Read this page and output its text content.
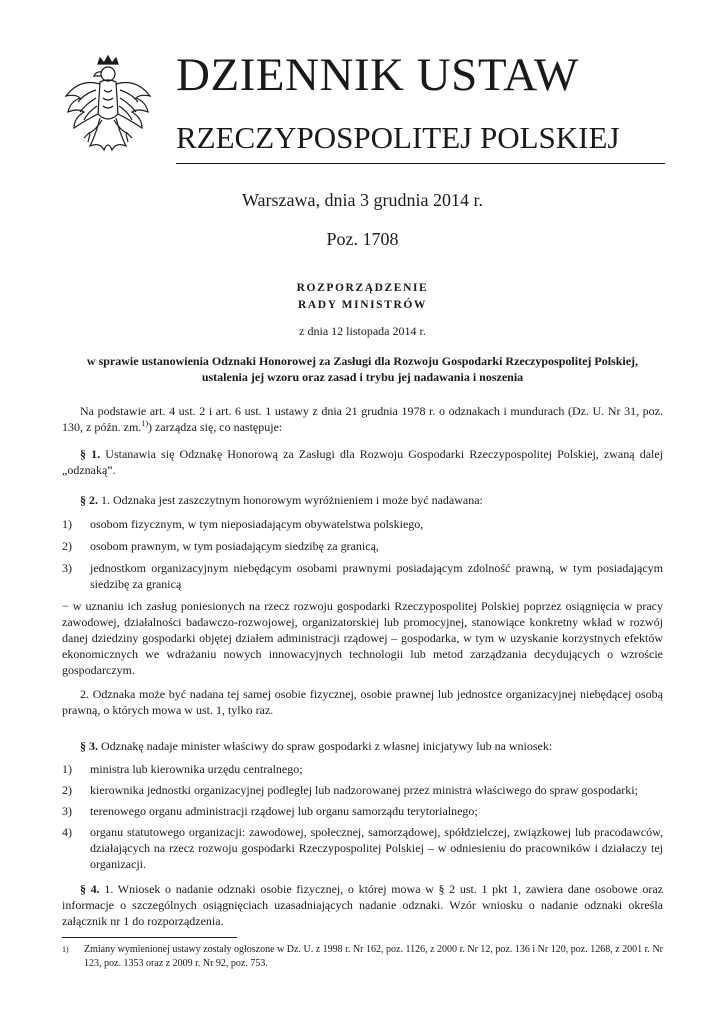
DZIENNIK USTAW
RZECZYPOSPOLITEJ POLSKIEJ
Warszawa, dnia 3 grudnia 2014 r.
Poz. 1708
ROZPORZĄDZENIE
RADY MINISTRÓW
z dnia 12 listopada 2014 r.
w sprawie ustanowienia Odznaki Honorowej za Zasługi dla Rozwoju Gospodarki Rzeczypospolitej Polskiej, ustalenia jej wzoru oraz zasad i trybu jej nadawania i noszenia

Na podstawie art. 4 ust. 2 i art. 6 ust. 1 ustawy z dnia 21 grudnia 1978 r. o odznakach i mundurach (Dz. U. Nr 31, poz. 130, z późn. zm.$^{1)}$) zarządza się, co następuje:

§ 1. Ustanawia się Odznakę Honorową za Zasługi dla Rozwoju Gospodarki Rzeczypospolitej Polskiej, zwaną dalej „odznaką”.

§ 2. 1. Odznaka jest zaszczytnym honorowym wyróżnieniem i może być nadawana:

1) osobom fizycznym, w tym nieposiadającym obywatelstwa polskiego,
2) osobom prawnym, w tym posiadającym siedzibę za granicą,
3) jednostkom organizacyjnym niebędącym osobami prawnymi posiadającym zdolność prawną, w tym posiadającym siedzibę za granicą

− w uznaniu ich zasług poniesionych na rzecz rozwoju gospodarki Rzeczypospolitej Polskiej poprzez osiągnięcia w pracy zawodowej, działalności badawczo-rozwojowej, organizatorskiej lub promocyjnej, stanowiące konkretny wkład w rozwój danej dziedziny gospodarki objętej działem administracji rządowej – gospodarka, w tym w uzyskanie korzystnych efektów ekonomicznych we wdrażaniu nowych innowacyjnych technologii lub metod zarządzania decydujących o wzroście gospodarczym.

2. Odznaka może być nadana tej samej osobie fizycznej, osobie prawnej lub jednostce organizacyjnej niebędącej osobą prawną, o których mowa w ust. 1, tylko raz.

§ 3. Odznakę nadaje minister właściwy do spraw gospodarki z własnej inicjatywy lub na wniosek:

1) ministra lub kierownika urzędu centralnego;
2) kierownika jednostki organizacyjnej podległej lub nadzorowanej przez ministra właściwego do spraw gospodarki;
3) terenowego organu administracji rządowej lub organu samorządu terytorialnego;
4) organu statutowego organizacji: zawodowej, społecznej, samorządowej, spółdzielczej, związkowej lub pracodawców, działających na rzecz rozwoju gospodarki Rzeczypospolitej Polskiej – w odniesieniu do pracowników i działaczy tej organizacji.

§ 4. 1. Wniosek o nadanie odznaki osobie fizycznej, o której mowa w § 2 ust. 1 pkt 1, zawiera dane osobowe oraz informacje o szczególnych osiągnięciach uzasadniających nadanie odznaki. Wzór wniosku o nadanie odznaki określa załącznik nr 1 do rozporządzenia.

1) Zmiany wymienionej ustawy zostały ogłoszone w Dz. U. z 1998 r. Nr 162, poz. 1126, z 2000 r. Nr 12, poz. 136 i Nr 120, poz. 1268, z 2001 r. Nr 123, poz. 1353 oraz z 2009 r. Nr 92, poz. 753.
